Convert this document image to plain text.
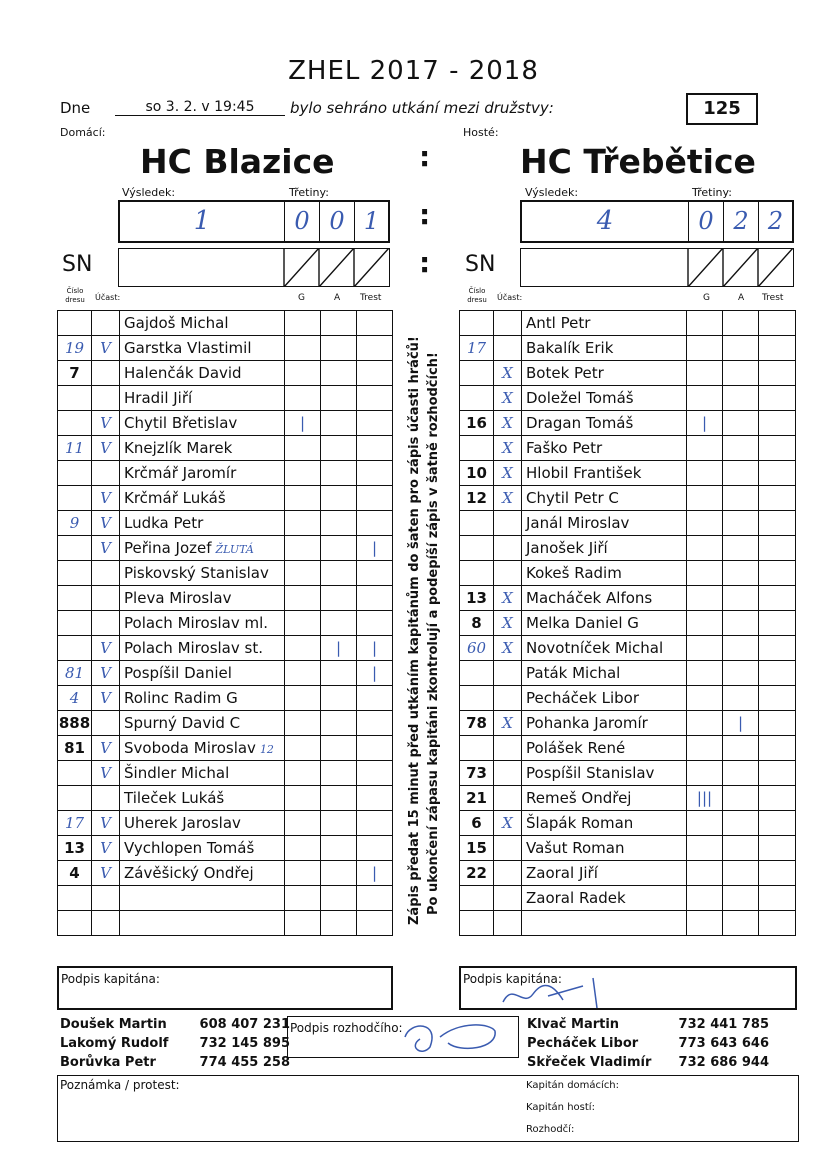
ZHEL 2017 - 2018
Dne	so 3. 2. v 19:45	bylo sehráno utkání mezi družstvy:	125
Domácí:	Hosté:
HC Blazice	:	HC Třebětice
Výsledek:	Třetiny:	Výsledek:	Třetiny:
1	0 0 1	:	4	0 2 2
SN	: SN
Číslo dresu	Účast:	G	A Trest
Číslo dresu	Účast:	G	A Trest
		Gajdoš Michal			
19	V	Garstka Vlastimil			
7		Halenčák David			
		Hradil Jiří			
	V	Chytil Břetislav	|		
11	V	Knejzlík Marek			
		Krčmář Jaromír			
	V	Krčmář Lukáš			
9	V	Ludka Petr			
	V	Peřina Jozef ŽLUTÁ			|
		Piskovský Stanislav			
		Pleva Miroslav			
		Polach Miroslav ml.			
	V	Polach Miroslav st.		|	|
81	V	Pospíšil Daniel			|
4	V	Rolinc Radim G			
888		Spurný David C			
81	V	Svoboda Miroslav 12			
	V	Šindler Michal			
		Tileček Lukáš			
17	V	Uherek Jaroslav			
13	V	Vychlopen Tomáš			
4	V	Závěšický Ondřej			|

		Antl Petr			
17		Bakalík Erik			
	X	Botek Petr			
	X	Doležel Tomáš			
16	X	Dragan Tomáš	|		
	X	Faško Petr			
10	X	Hlobil František			
12	X	Chytil Petr C			
		Janál Miroslav			
		Janošek Jiří			
		Kokeš Radim			
13	X	Macháček Alfons			
8	X	Melka Daniel G			
60	X	Novotníček Michal			
		Paták Michal			
		Pecháček Libor			
78	X	Pohanka Jaromír		|	
		Polášek René			
73		Pospíšil Stanislav			
21		Remeš Ondřej	|||		
6	X	Šlapák Roman			
15		Vašut Roman			
22		Zaoral Jiří			
		Zaoral Radek			

Zápis předat 15 minut před utkáním kapitánům do šaten pro zápis účasti hráčů! Po ukončení zápasu kapitáni zkontrolují a podepíší zápis v šatně rozhodčích!
Podpis kapitána:	Podpis kapitána:
Doušek Martin	608 407 231
Lakomý Rudolf 732 145 895
Borůvka Petr	774 455 258
Podpis rozhodčího:	Klvač Martin	732 441 785
Pecháček Libor	773 643 646
Skřeček Vladimír 732 686 944
Poznámka / protest:	Kapitán domácích:
Kapitán hostí:
Rozhodčí:
